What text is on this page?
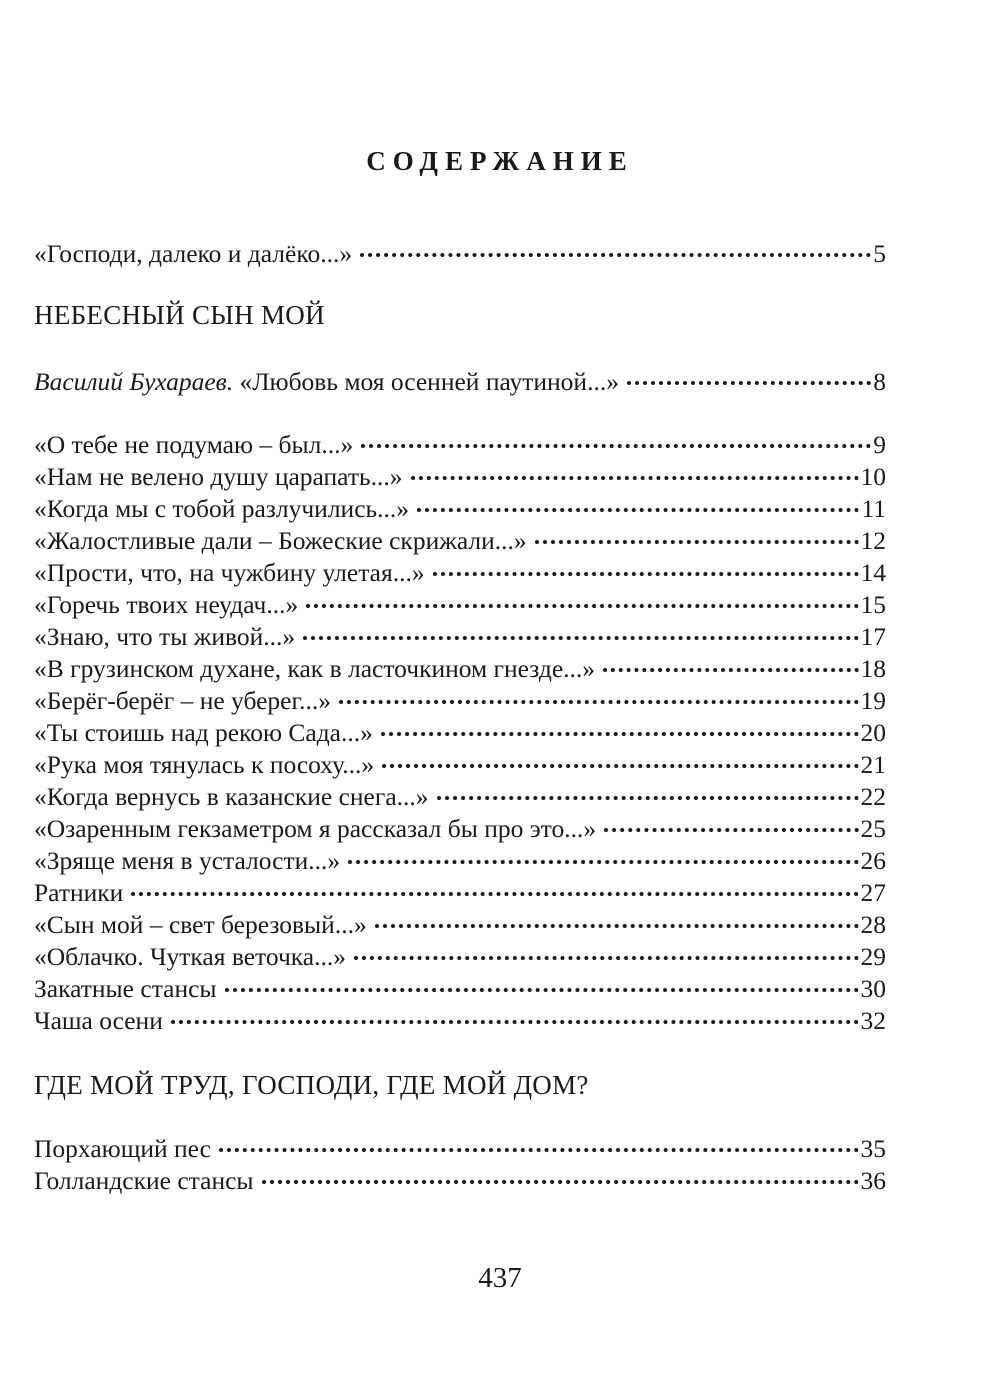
СОДЕРЖАНИЕ
«Господи, далеко и далёко...»	5
НЕБЕСНЫЙ СЫН МОЙ
Василий Бухараев. «Любовь моя осенней паутиной...»	8
«О тебе не подумаю – был...»	9
«Нам не велено душу царапать...»	10
«Когда мы с тобой разлучились...»	11
«Жалостливые дали – Божеские скрижали...»	12
«Прости, что, на чужбину улетая...»	14
«Горечь твоих неудач...»	15
«Знаю, что ты живой...»	17
«В грузинском духане, как в ласточкином гнезде...»	18
«Берёг-берёг – не уберег...»	19
«Ты стоишь над рекою Сада...»	20
«Рука моя тянулась к посоху...»	21
«Когда вернусь в казанские снега...»	22
«Озаренным гекзаметром я рассказал бы про это...»	25
«Зряще меня в усталости...»	26
Ратники	27
«Сын мой – свет березовый...»	28
«Облачко. Чуткая веточка...»	29
Закатные стансы	30
Чаша осени	32
ГДЕ МОЙ ТРУД, ГОСПОДИ, ГДЕ МОЙ ДОМ?
Порхающий пес	35
Голландские стансы	36
437
